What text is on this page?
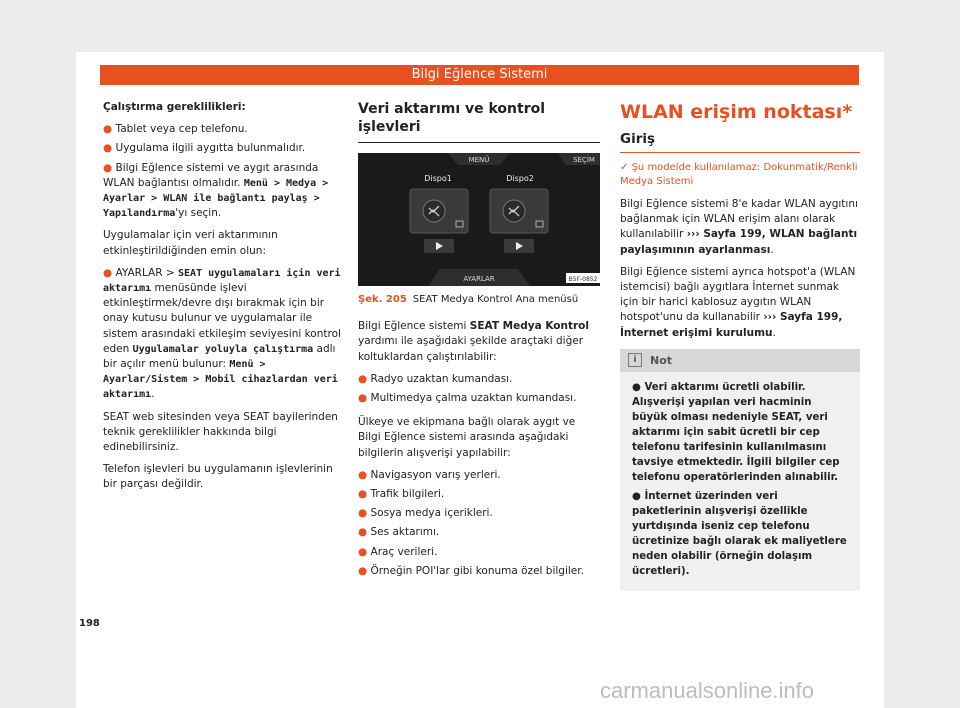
Bilgi Eğlence Sistemi

Çalıştırma gereklilikleri:

● Tablet veya cep telefonu.
● Uygulama ilgili aygıtta bulunmalıdır.

● Bilgi Eğlence sistemi ve aygıt arasında WLAN bağlantısı olmalıdır. Menü > Medya > Ayarlar > WLAN ile bağlantı paylaş > Yapılandırma'yı seçin.

Uygulamalar için veri aktarımının etkinleştirildiğinden emin olun:

● AYARLAR > SEAT uygulamaları için veri aktarımı menüsünde işlevi etkinleştirmek/devre dışı bırakmak için bir onay kutusu bulunur ve uygulamalar ile sistem arasındaki etkileşim seviyesini kontrol eden Uygulamalar yoluyla çalıştırma adlı bir açılır menü bulunur: Menü > Ayarlar/Sistem > Mobil cihazlardan veri aktarımı.

SEAT web sitesinden veya SEAT bayilerinden teknik gereklilikler hakkında bilgi edinebilirsiniz.

Telefon işlevleri bu uygulamanın işlevlerinin bir parçası değildir.

Veri aktarımı ve kontrol işlevleri
MENÜ	SEÇİM
Dispo1	Dispo2
AYARLAR	B5F-0852
Şek. 205 SEAT Medya Kontrol Ana menüsü

Bilgi Eğlence sistemi SEAT Medya Kontrol yardımı ile aşağıdaki şekilde araçtaki diğer koltuklardan çalıştırılabilir:

● Radyo uzaktan kumandası.
● Multimedya çalma uzaktan kumandası.

Ülkeye ve ekipmana bağlı olarak aygıt ve Bilgi Eğlence sistemi arasında aşağıdaki bilgilerin alışverişi yapılabilir:

● Navigasyon varış yerleri.
● Trafik bilgileri.
● Sosya medya içerikleri.
● Ses aktarımı.
● Araç verileri.
● Örneğin POI'lar gibi konuma özel bilgiler.
WLAN erişim noktası*
Giriş
✓ Şu modelde kullanılamaz: Dokunmatik/Renkli Medya Sistemi

Bilgi Eğlence sistemi 8'e kadar WLAN aygıtını bağlanmak için WLAN erişim alanı olarak kullanılabilir ››› Sayfa 199, WLAN bağlantı paylaşımının ayarlanması.

Bilgi Eğlence sistemi ayrıca hotspot'a (WLAN istemcisi) bağlı aygıtlara İnternet sunmak için bir harici kablosuz aygıtın WLAN hotspot'unu da kullanabilir ››› Sayfa 199, İnternet erişimi kurulumu.

i	Not

● Veri aktarımı ücretli olabilir. Alışverişi yapılan veri hacminin büyük olması nedeniyle SEAT, veri aktarımı için sabit ücretli bir cep telefonu tarifesinin kullanılmasını tavsiye etmektedir. İlgili bilgiler cep telefonu operatörlerinden alınabilir.

● İnternet üzerinden veri paketlerinin alışverişi özellikle yurtdışında iseniz cep telefonu ücretinize bağlı olarak ek maliyetlere neden olabilir (örneğin dolaşım ücretleri).

198
carmanualsonline.info
